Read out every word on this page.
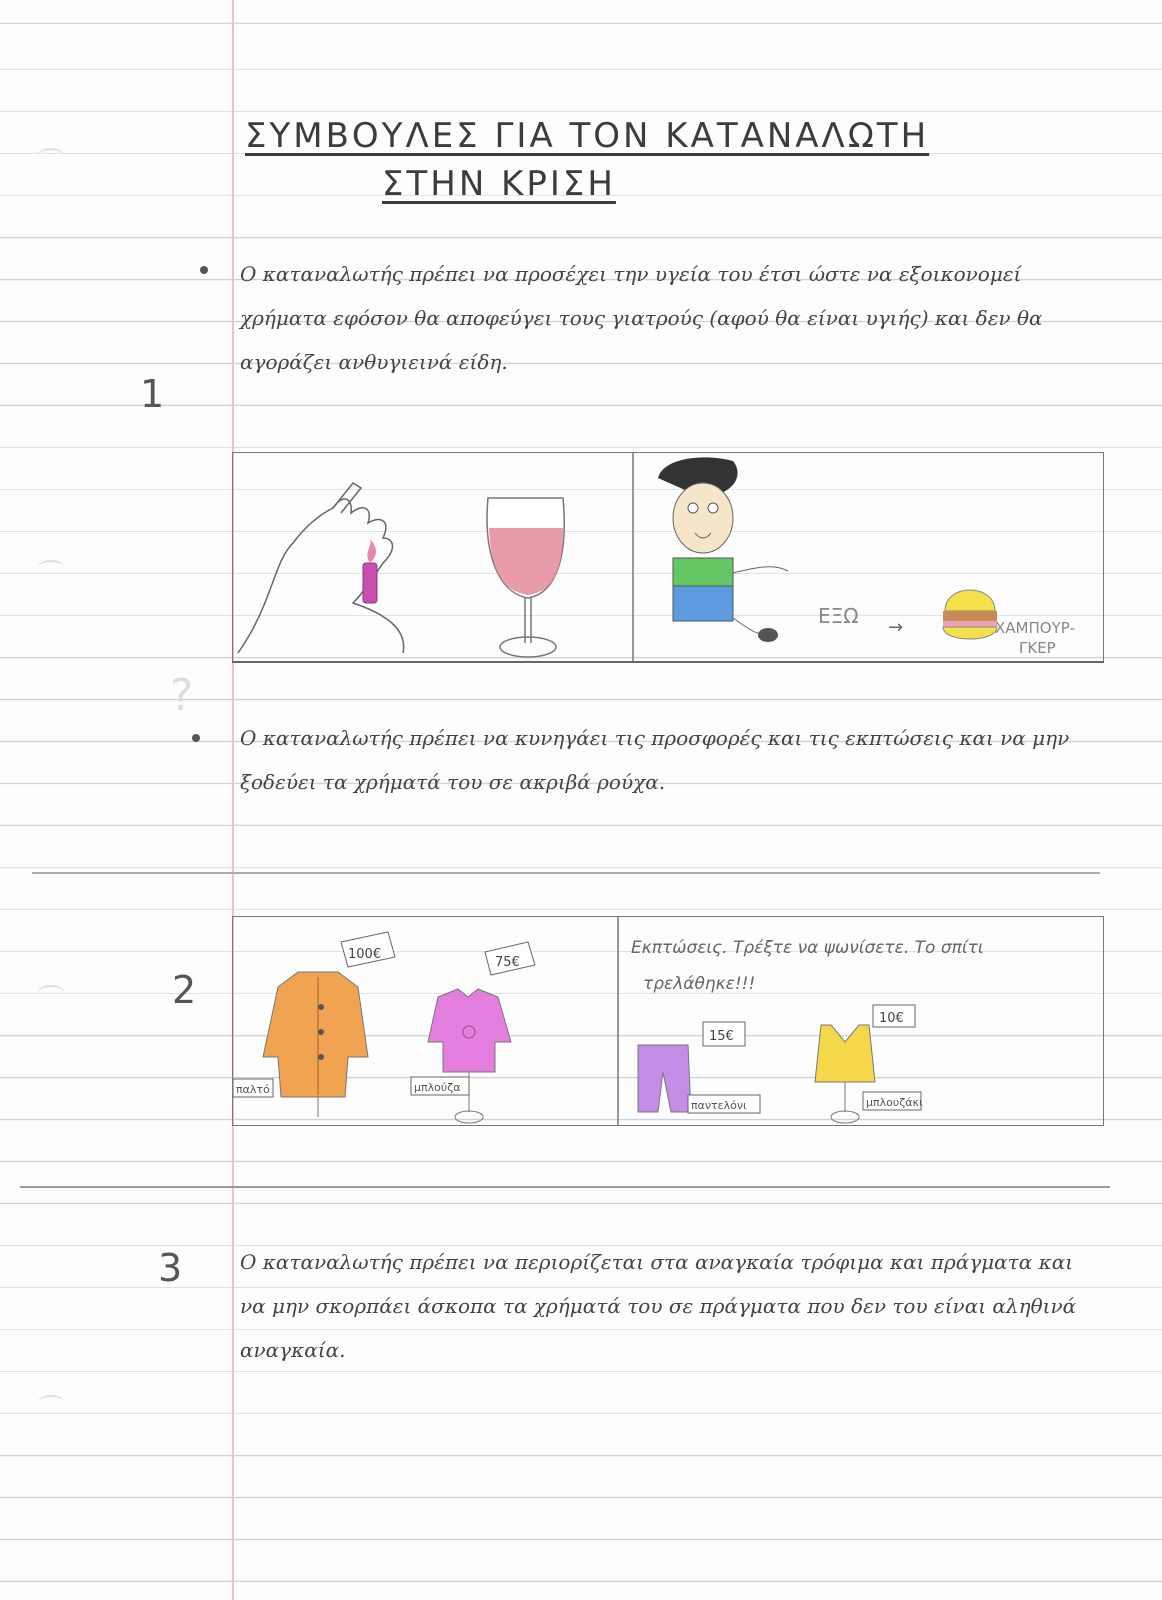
ΣΥΜΒΟΥΛΕΣ ΓΙΑ ΤΟΝ ΚΑΤΑΝΑΛΩΤΗ
ΣΤΗΝ ΚΡΙΣΗ
1
Ο καταναλωτής πρέπει να προσέχει την υγεία του έτσι ώστε να εξοικονομεί χρήματα εφόσον θα αποφεύγει τους γιατρούς (αφού θα είναι υγιής) και δεν θα αγοράζει ανθυγιεινά είδη.
ΕΞΩ →	ΧΑΜΠΟΥΡ-
ΓΚΕΡ
?
Ο καταναλωτής πρέπει να κυνηγάει τις προσφορές και τις εκπτώσεις και να μην ξοδεύει τα χρήματά του σε ακριβά ρούχα.
2
100€
παλτό
75€
μπλούζα
Εκπτώσεις. Τρέξτε να ψωνίσετε. Το σπίτι
τρελάθηκε!!!
15€
παντελόνι
10€
μπλουζάκι
3	Ο καταναλωτής πρέπει να περιορίζεται στα αναγκαία τρόφιμα και πράγματα και να μην σκορπάει άσκοπα τα χρήματά του σε πράγματα που δεν του είναι αληθινά αναγκαία.
